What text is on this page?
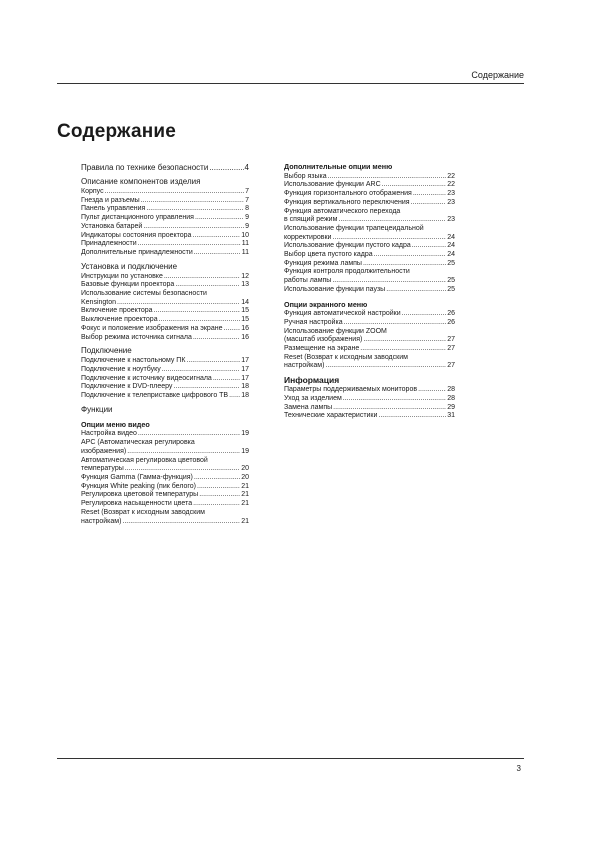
Содержание
Содержание
Правила по технике безопасности .....	4
Описание компонентов изделия
Корпус .....	7
Гнезда и разъемы .....	7
Панель управления .....	8
Пульт дистанционного управления .....	9
Установка батарей .....	9
Индикаторы состояния проектора .....	10
Принадлежности .....	11
Дополнительные принадлежности .....	11
Установка и подключение
Инструкции по установке .....	12
Базовые функции проектора .....	13
Использование системы безопасности
Kensington .....	14
Включение проектора .....	15
Выключение проектора .....	15
Фокус и положение изображения на экране .....	16
Выбор режима источника сигнала .....	16
Подключение
Подключение к настольному ПК .....	17
Подключение к ноутбуку .....	17
Подключение к источнику видеосигнала .....	17
Подключение к DVD-плееру .....	18
Подключение к телеприставке цифрового ТВ ..... 18
Функции
Опции меню видео
Настройка видео .....	19
APC (Автоматическая регулировка
изображения) .....	19
Автоматическая регулировка цветовой
температуры .....	20
Функция Gamma (Гамма-функция) .....	20
Функция White peaking (пик белого) .....	21
Регулировка цветовой температуры .....	21
Регулировка насыщенности цвета .....	21
Reset (Возврат к исходным заводским
настройкам) .....	21
Дополнительные опции меню
Выбор языка .....	22
Использование функции ARC .....	22
Функция горизонтального отображения .....	23
Функция вертикального переключения .....	23
Функция автоматического перехода
в спящий режим .....	23
Использование функции трапецеидальной
корректировки .....	24
Использование функции пустого кадра .....	24
Выбор цвета пустого кадра .....	24
Функция режима лампы .....	25
Функция контроля продолжительности
работы лампы .....	25
Использование функции паузы .....	25
Опции экранного меню
Функция автоматической настройки .....	26
Ручная настройка .....	26
Использование функции ZOOM
(масштаб изображения) .....	27
Размещение на экране .....	27
Reset (Возврат к исходным заводским
настройкам) .....	27
Информация
Параметры поддерживаемых мониторов .....	28
Уход за изделием .....	28
Замена лампы .....	29
Технические характеристики .....	31
3
